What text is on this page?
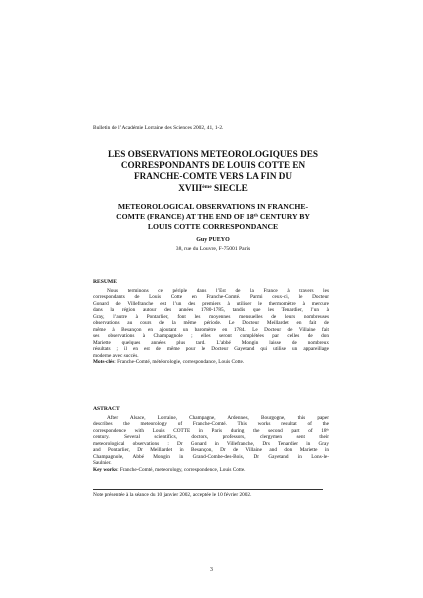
Bulletin de l’Académie Lorraine des Sciences 2002, 41, 1-2.
LES OBSERVATIONS METEOROLOGIQUES DES
CORRESPONDANTS DE LOUIS COTTE EN
FRANCHE-COMTE VERS LA FIN DU
XVIIIème SIECLE
METEOROLOGICAL OBSERVATIONS IN FRANCHE-
COMTE (FRANCE) AT THE END OF 18th CENTURY BY
LOUIS COTTE CORRESPONDANCE
Guy PUEYO
38, rue du Louvre, F-75001 Paris
RESUME
Nous terminons ce périple dans l’Est de la France à travers les
correspondants de Louis Cotte en Franche-Comté. Parmi ceux-ci, le Docteur
Gonard de Villefranche est l’un des premiers à utiliser le thermomètre à mercure
dans la région autour des années 1780-1785, tandis que les Tenardier, l’un à
Gray, l’autre à Pontarlier, font les moyennes mensuelles de leurs nombreuses
observations au cours de la même période. Le Docteur Meillardet en fait de
même à Besançon en ajoutant un baromètre en 1784. Le Docteur de Villaine fait
ses observations à Champagnole ; elles seront complétées par celles de don
Mariette quelques années plus tard. L’abbé Mongin laisse de nombreux
résultats ; il en est de même pour le Docteur Gayetand qui utilise un appareillage
moderne avec succès.
Mots-clés: Franche-Comté, météorologie, correspondance, Louis Cotte.
ASTRACT
After Alsace, Lorraine, Champagne, Ardennes, Bourgogne, this paper
describes the meteorology of Franche-Comté. This works resultat of the
correspondence with Louis COTTE in Paris during the second part of 18th
century. Several scientifics, doctors, professors, clergymen sent their
meteorological observations : Dr Gonard in Villefranche, Drs Tenardier in Gray
and Pontarlier, Dr Meillardet in Besançon, Dr de Villaine and don Mariette in
Champagnole, Abbé Mongin in Grand-Combe-des-Bois, Dr Gayetand in Lons-le-
Saulnier.
Key works: Franche-Comté, meteorology, correspondence, Louis Cotte.
Note présentée à la séance du 10 janvier 2002, acceptée le 10 février 2002.
3
